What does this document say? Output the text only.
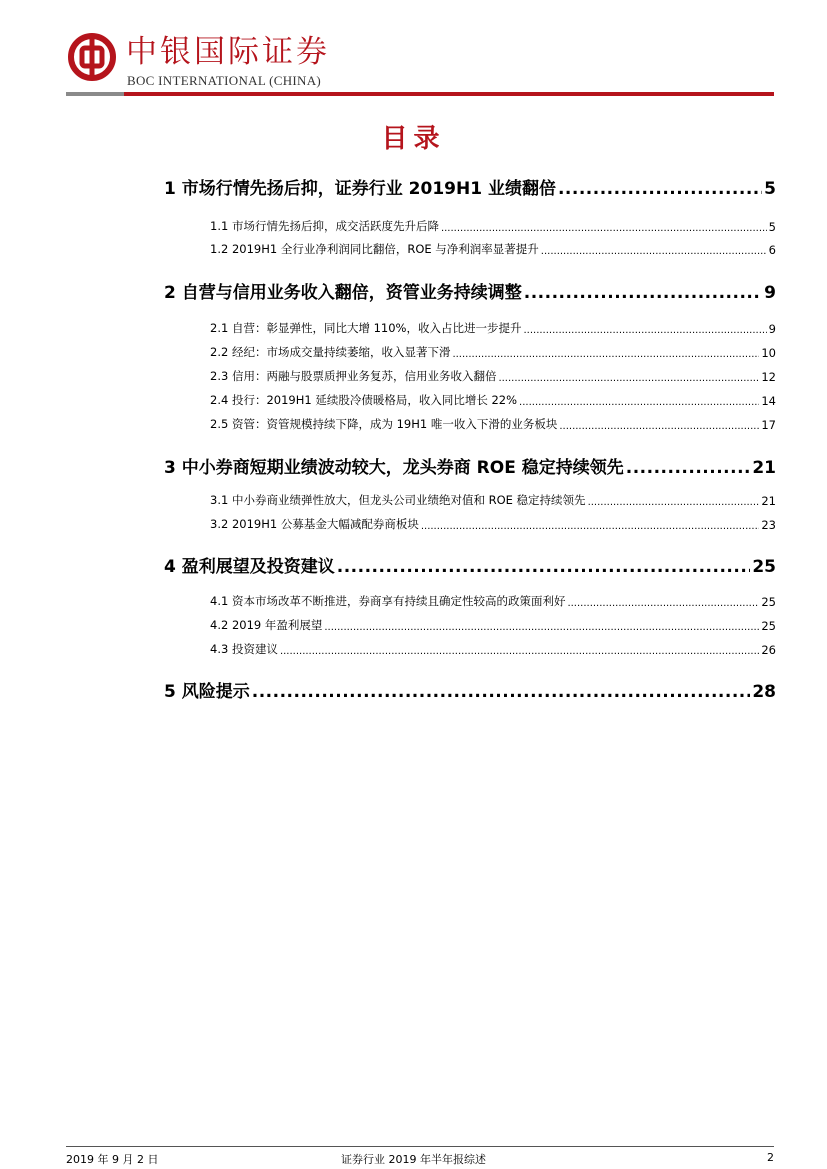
中银国际证券
BOC INTERNATIONAL (CHINA)
目录
1 市场行情先扬后抑，证券行业 2019H1 业绩翻倍 .....	5
1.1 市场行情先扬后抑，成交活跃度先升后降 .....	5
1.2 2019H1 全行业净利润同比翻倍，ROE 与净利润率显著提升 .....	6
2 自营与信用业务收入翻倍，资管业务持续调整 .....	9
2.1 自营：彰显弹性，同比大增 110%，收入占比进一步提升 .....	9
2.2 经纪：市场成交量持续萎缩，收入显著下滑 .....	10
2.3 信用：两融与股票质押业务复苏，信用业务收入翻倍 .....	12
2.4 投行：2019H1 延续股冷债暖格局，收入同比增长 22% .....	14
2.5 资管：资管规模持续下降，成为 19H1 唯一收入下滑的业务板块 .....	17
3 中小券商短期业绩波动较大，龙头券商 ROE 稳定持续领先 .....	21
3.1 中小券商业绩弹性放大，但龙头公司业绩绝对值和 ROE 稳定持续领先 .....	21
3.2 2019H1 公募基金大幅减配券商板块 .....	23
4 盈利展望及投资建议 .....	25
4.1 资本市场改革不断推进，券商享有持续且确定性较高的政策面利好 .....	25
4.2 2019 年盈利展望 .....	25
4.3 投资建议 .....	26
5 风险提示 .....	28
2019 年 9 月 2 日	证券行业 2019 年半年报综述	2
